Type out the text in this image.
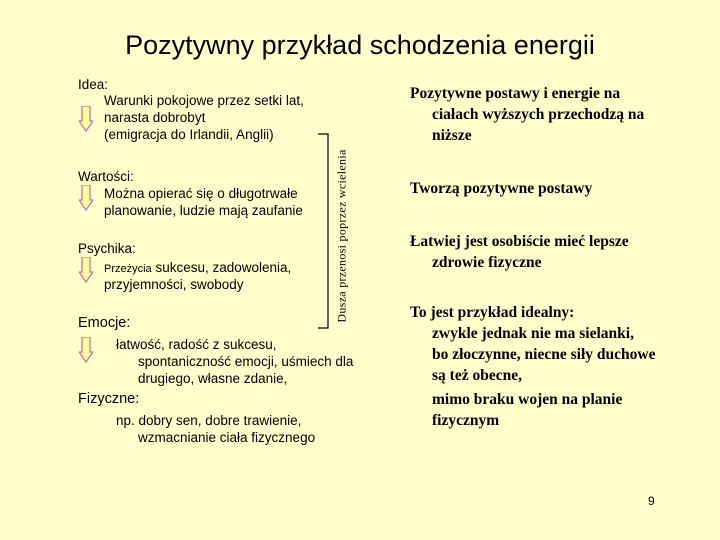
Pozytywny przykład schodzenia energii
Idea:
Warunki pokojowe przez setki lat,
narasta dobrobyt
(emigracja do Irlandii, Anglii)
Wartości:
Można opierać się o długotrwałe
planowanie, ludzie mają zaufanie
Psychika:
Przeżycia sukcesu, zadowolenia,
przyjemności, swobody
Emocje:
łatwość, radość z sukcesu,
spontaniczność emocji, uśmiech dla
drugiego, własne zdanie,
Fizyczne:
np. dobry sen, dobre trawienie,
wzmacnianie ciała fizycznego
Dusza przenosi poprzez wcielenia
Pozytywne postawy i energie na
ciałach wyższych przechodzą na
niższe
Tworzą pozytywne postawy
Łatwiej jest osobiście mieć lepsze
zdrowie fizyczne
To jest przykład idealny:
zwykle jednak nie ma sielanki,
bo złoczynne, niecne siły duchowe
są też obecne,
mimo braku wojen na planie
fizycznym
9
